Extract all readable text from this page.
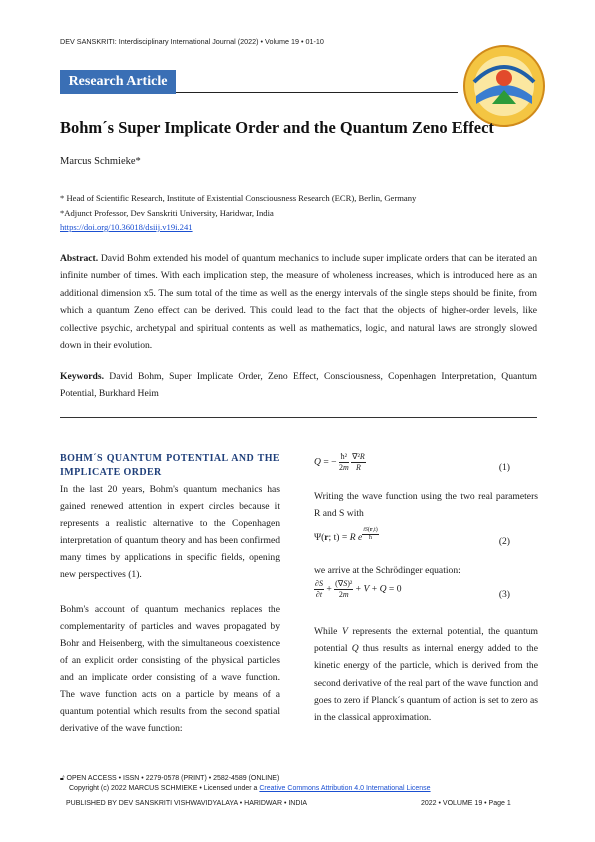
DEV SANSKRITI: Interdisciplinary International Journal (2022) • Volume 19 • 01-10
Research Article
Bohm´s Super Implicate Order and the Quantum Zeno Effect
Marcus Schmieke*
* Head of Scientific Research, Institute of Existential Consciousness Research (ECR), Berlin, Germany
*Adjunct Professor, Dev Sanskriti University, Haridwar, India
https://doi.org/10.36018/dsiij.v19i.241
Abstract. David Bohm extended his model of quantum mechanics to include super implicate orders that can be iterated an infinite number of times. With each implication step, the measure of wholeness increases, which is introduced here as an additional dimension x5. The sum total of the time as well as the energy intervals of the single steps should be finite, from which a quantum Zeno effect can be derived. This could lead to the fact that the objects of higher-order levels, like collective psychic, archetypal and spiritual contents as well as mathematics, logic, and natural laws are strongly slowed down in their evolution.
Keywords. David Bohm, Super Implicate Order, Zeno Effect, Consciousness, Copenhagen Interpretation, Quantum Potential, Burkhard Heim
BOHM´S QUANTUM POTENTIAL AND THE IMPLICATE ORDER

In the last 20 years, Bohm's quantum mechanics has gained renewed attention in expert circles because it represents a realistic alternative to the Copenhagen interpretation of quantum theory and has been confirmed many times by applications in specific fields, opening new perspectives (1).

Bohm's account of quantum mechanics replaces the complementarity of particles and waves propagated by Bohr and Heisenberg, with the simultaneous coexistence of an explicit order consisting of the physical particles and an implicate order consisting of a wave function. The wave function acts on a particle by means of a quantum potential which results from the second spatial derivative of the wave function:

Q = − $\frac{\text{ħ²}}{2m}$
$\frac{\text{∇²R}}{R}$	(1)

Writing the wave function using the two real parameters R and S with

Ψ(r; t) = R e $^{\frac{iS(r,t)}{ħ}}$	(2)

we arrive at the Schrödinger equation:

$\frac{\partial S}{\partial t} + \frac{\text{(∇S)²}}{2m} + V + Q = 0$	(3)

While V represents the external potential, the quantum potential Q thus results as internal energy added to the kinetic energy of the particle, which is derived from the second derivative of the real part of the wave function and goes to zero if Planck´s quantum of action is set to zero as in the classical approximation.

🔓︎ OPEN ACCESS • ISSN • 2279-0578 (PRINT) • 2582-4589 (ONLINE)
Copyright (c) 2022 MARCUS SCHMIEKE • Licensed under a Creative Commons Attribution 4.0 International License
PUBLISHED BY DEV SANSKRITI VISHWAVIDYALAYA • HARIDWAR • INDIA	2022 • VOLUME 19 • Page 1
